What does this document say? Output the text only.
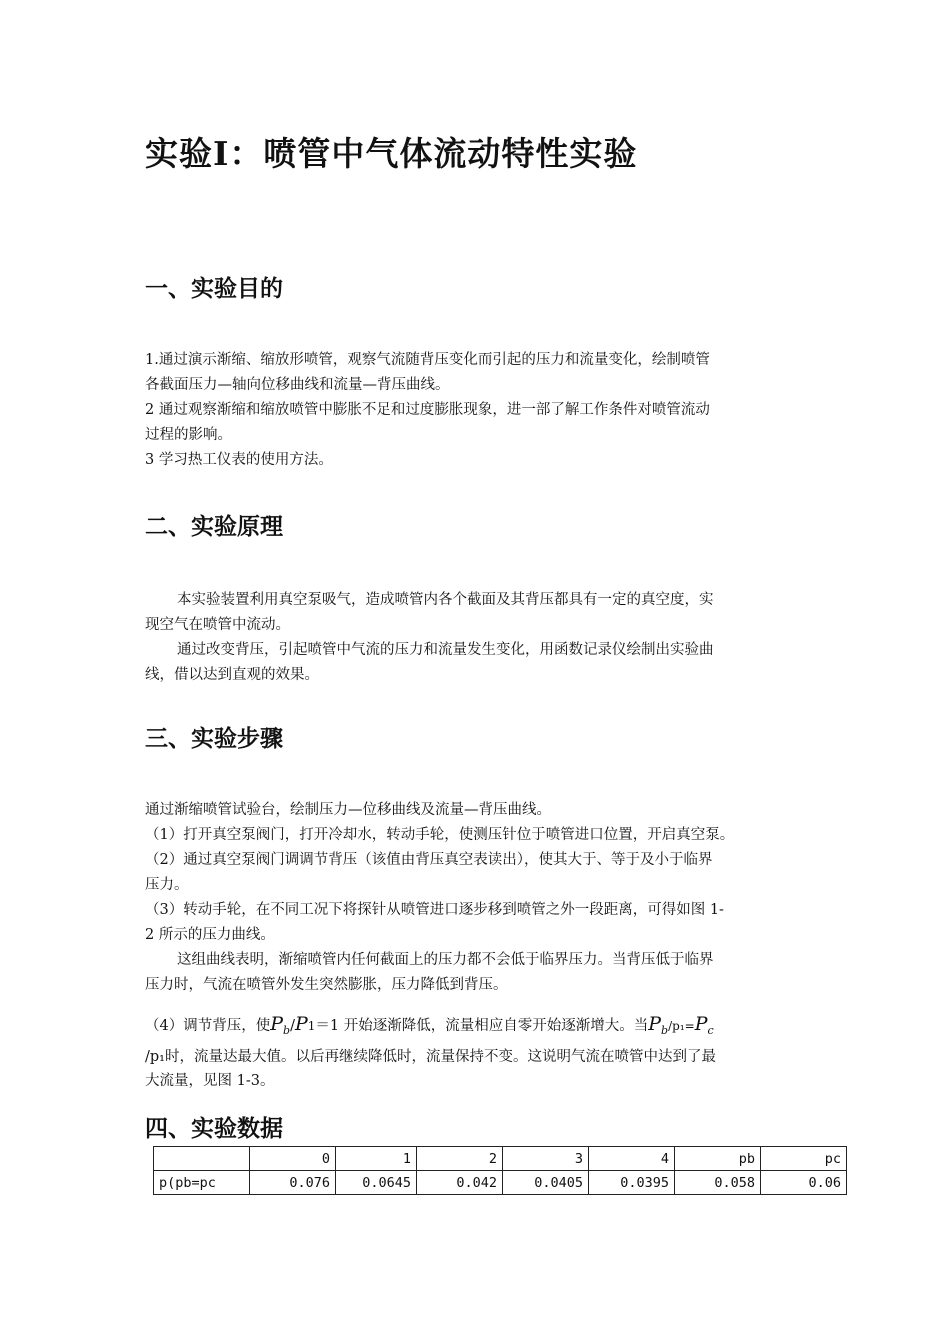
实验Ⅰ：喷管中气体流动特性实验
一、实验目的
1.通过演示渐缩、缩放形喷管，观察气流随背压变化而引起的压力和流量变化，绘制喷管
各截面压力—轴向位移曲线和流量—背压曲线。
2 通过观察渐缩和缩放喷管中膨胀不足和过度膨胀现象，进一部了解工作条件对喷管流动
过程的影响。
3 学习热工仪表的使用方法。
二、实验原理
本实验装置利用真空泵吸气，造成喷管内各个截面及其背压都具有一定的真空度，实
现空气在喷管中流动。
通过改变背压，引起喷管中气流的压力和流量发生变化，用函数记录仪绘制出实验曲
线，借以达到直观的效果。
三、实验步骤
通过渐缩喷管试验台，绘制压力—位移曲线及流量—背压曲线。
（1）打开真空泵阀门，打开冷却水，转动手轮，使测压针位于喷管进口位置，开启真空泵。
（2）通过真空泵阀门调调节背压（该值由背压真空表读出），使其大于、等于及小于临界
压力。
（3）转动手轮，在不同工况下将探针从喷管进口逐步移到喷管之外一段距离，可得如图 1-
2 所示的压力曲线。
这组曲线表明，渐缩喷管内任何截面上的压力都不会低于临界压力。当背压低于临界
压力时，气流在喷管外发生突然膨胀，压力降低到背压。
（4）调节背压，使$P_b/P1=1$ 开始逐渐降低，流量相应自零开始逐渐增大。当$P_b/p_1=P_c$
/p₁时，流量达最大值。以后再继续降低时，流量保持不变。这说明气流在喷管中达到了最
大流量，见图 1-3。
四、实验数据
	0	1	2	3	4	pb	pc
p(pb=pc	0.076	0.0645	0.042	0.0405	0.0395	0.058	0.06
